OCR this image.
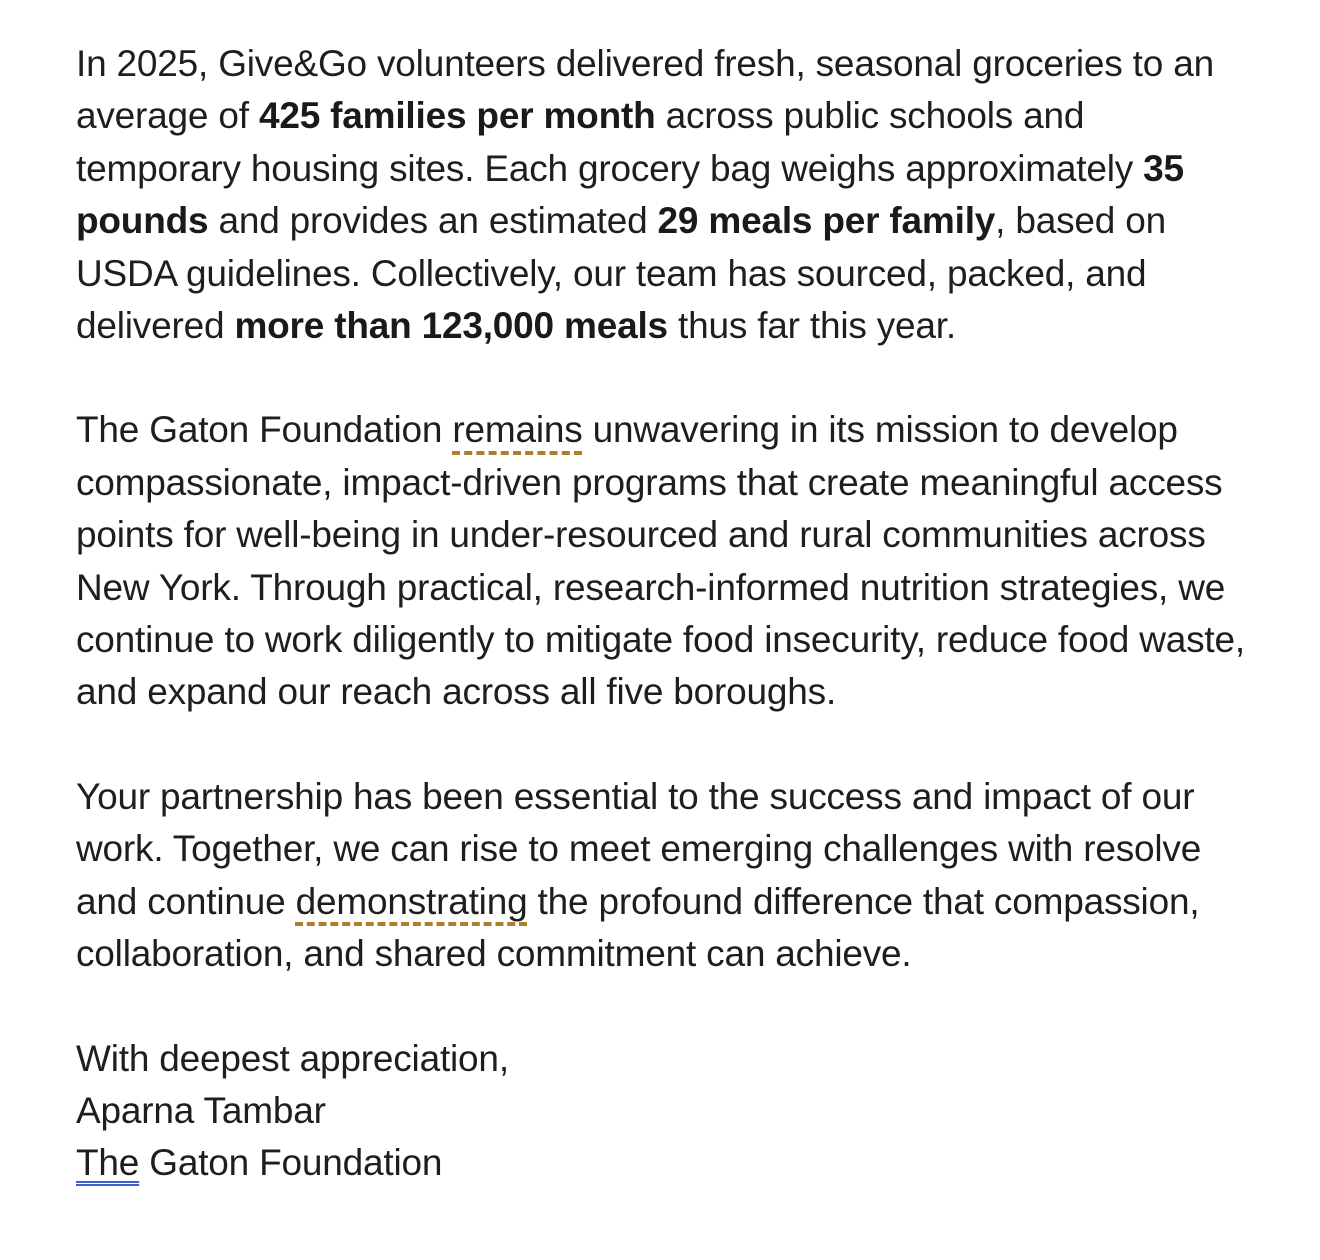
In 2025, Give&Go volunteers delivered fresh, seasonal groceries to an average of 425 families per month across public schools and temporary housing sites. Each grocery bag weighs approximately 35 pounds and provides an estimated 29 meals per family, based on USDA guidelines. Collectively, our team has sourced, packed, and delivered more than 123,000 meals thus far this year.

The Gaton Foundation remains unwavering in its mission to develop compassionate, impact-driven programs that create meaningful access points for well-being in under-resourced and rural communities across New York. Through practical, research-informed nutrition strategies, we continue to work diligently to mitigate food insecurity, reduce food waste, and expand our reach across all five boroughs.

Your partnership has been essential to the success and impact of our work. Together, we can rise to meet emerging challenges with resolve and continue demonstrating the profound difference that compassion, collaboration, and shared commitment can achieve.

With deepest appreciation,
Aparna Tambar
The Gaton Foundation
